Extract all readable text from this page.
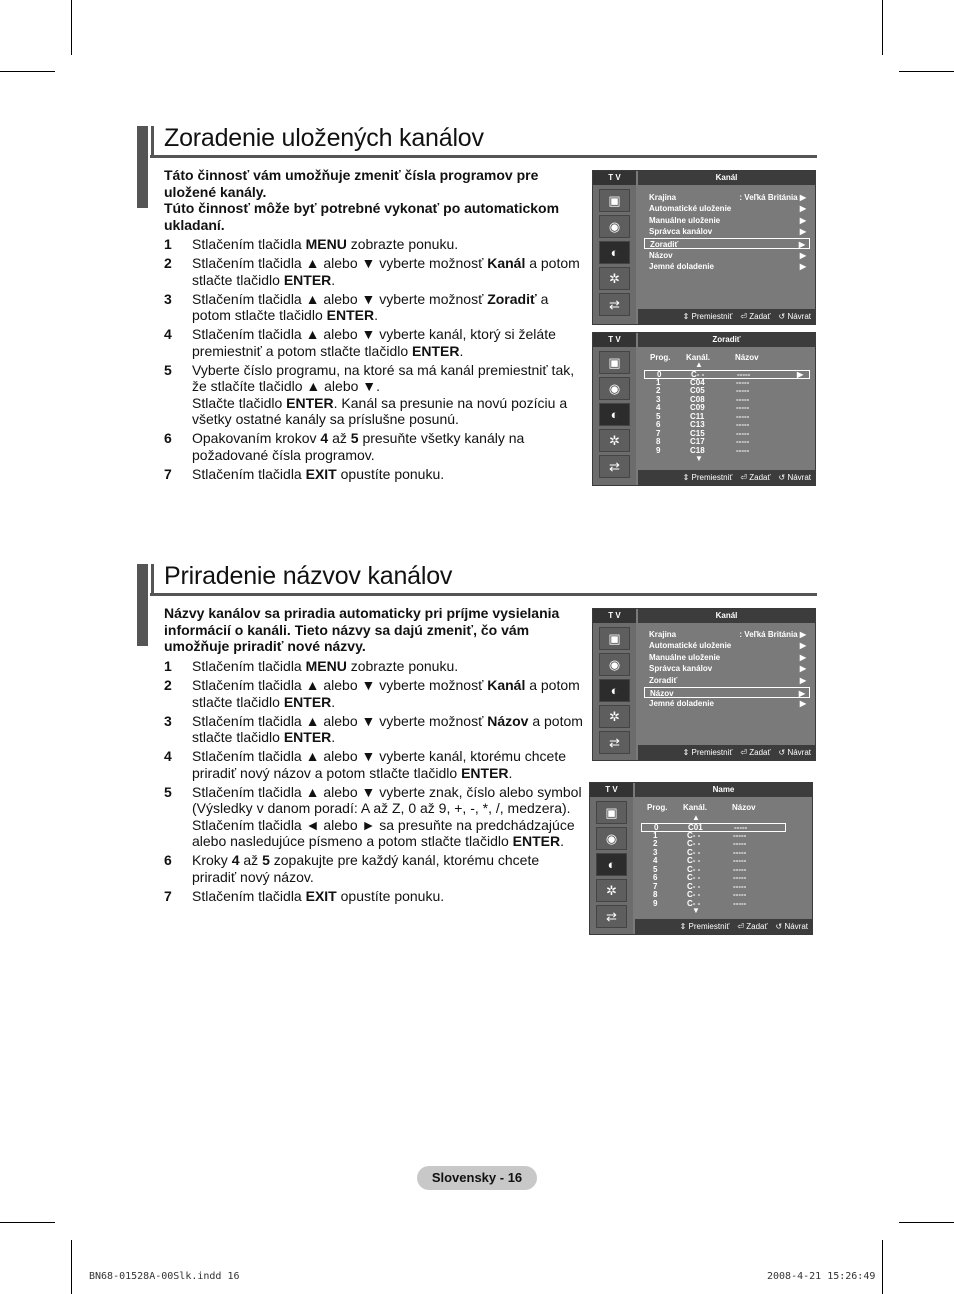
Zoradenie uložených kanálov
Táto činnosť vám umožňuje zmeniť čísla programov pre uložené kanály.
Túto činnosť môže byť potrebné vykonať po automatickom ukladaní.
1	Stlačením tlačidla MENU zobrazte ponuku.
2	Stlačením tlačidla ▲ alebo ▼ vyberte možnosť Kanál a potom stlačte tlačidlo ENTER.
3	Stlačením tlačidla ▲ alebo ▼ vyberte možnosť Zoradiť a potom stlačte tlačidlo ENTER.
4	Stlačením tlačidla ▲ alebo ▼ vyberte kanál, ktorý si želáte premiestniť a potom stlačte tlačidlo ENTER.
5	Vyberte číslo programu, na ktoré sa má kanál premiestniť tak, že stlačíte tlačidlo ▲ alebo ▼.
Stlačte tlačidlo ENTER. Kanál sa presunie na novú pozíciu a všetky ostatné kanály sa príslušne posunú.
6	Opakovaním krokov 4 až 5 presuňte všetky kanály na požadované čísla programov.
7	Stlačením tlačidla EXIT opustíte ponuku.
T V	Kanál
▣
◉
◐
✲
⇄
Krajina	: Veľká Británia ▶
Automatické uloženie	▶
Manuálne uloženie	▶
Správca kanálov	▶
Zoradiť	▶
Názov	▶
Jemné doladenie	▶
⇕ Premiestniť ⏎ Zadať ↺ Návrat
T V	Zoradiť
▣
◉
◐
✲
⇄
Prog. Kanál.	Názov
▲
0	C- -	-----	▶
1	C04	-----
2	C05	-----
3	C08	-----
4	C09	-----
5	C11	-----
6	C13	-----
7	C15	-----
8	C17	-----
9	C18	-----
▼
⇕ Premiestniť ⏎ Zadať ↺ Návrat
Priradenie názvov kanálov
Názvy kanálov sa priradia automaticky pri príjme vysielania informácií o kanáli. Tieto názvy sa dajú zmeniť, čo vám umožňuje priradiť nové názvy.
1	Stlačením tlačidla MENU zobrazte ponuku.
2	Stlačením tlačidla ▲ alebo ▼ vyberte možnosť Kanál a potom stlačte tlačidlo ENTER.
3	Stlačením tlačidla ▲ alebo ▼ vyberte možnosť Názov a potom stlačte tlačidlo ENTER.
4	Stlačením tlačidla ▲ alebo ▼ vyberte kanál, ktorému chcete priradiť nový názov a potom stlačte tlačidlo ENTER.
5	Stlačením tlačidla ▲ alebo ▼ vyberte znak, číslo alebo symbol (Výsledky v danom poradí: A až Z, 0 až 9, +, -, *, /, medzera).
Stlačením tlačidla ◄ alebo ► sa presuňte na predchádzajúce alebo nasledujúce písmeno a potom stlačte tlačidlo ENTER.
6	Kroky 4 až 5 zopakujte pre každý kanál, ktorému chcete priradiť nový názov.
7	Stlačením tlačidla EXIT opustíte ponuku.
T V	Kanál
▣
◉
◐
✲
⇄
Krajina	: Veľká Británia ▶
Automatické uloženie	▶
Manuálne uloženie	▶
Správca kanálov	▶
Zoradiť	▶
Názov	▶
Jemné doladenie	▶
⇕ Premiestniť ⏎ Zadať ↺ Návrat
T V	Name
▣
◉
◐
✲
⇄
Prog. Kanál.	Názov
▲
0	C01	-----
1	C- -	-----
2	C- -	-----
3	C- -	-----
4	C- -	-----
5	C- -	-----
6	C- -	-----
7	C- -	-----
8	C- -	-----
9	C- -	-----
▼
⇕ Premiestniť ⏎ Zadať ↺ Návrat
Slovensky - 16
BN68-01528A-00Slk.indd 16	2008-4-21 15:26:49
